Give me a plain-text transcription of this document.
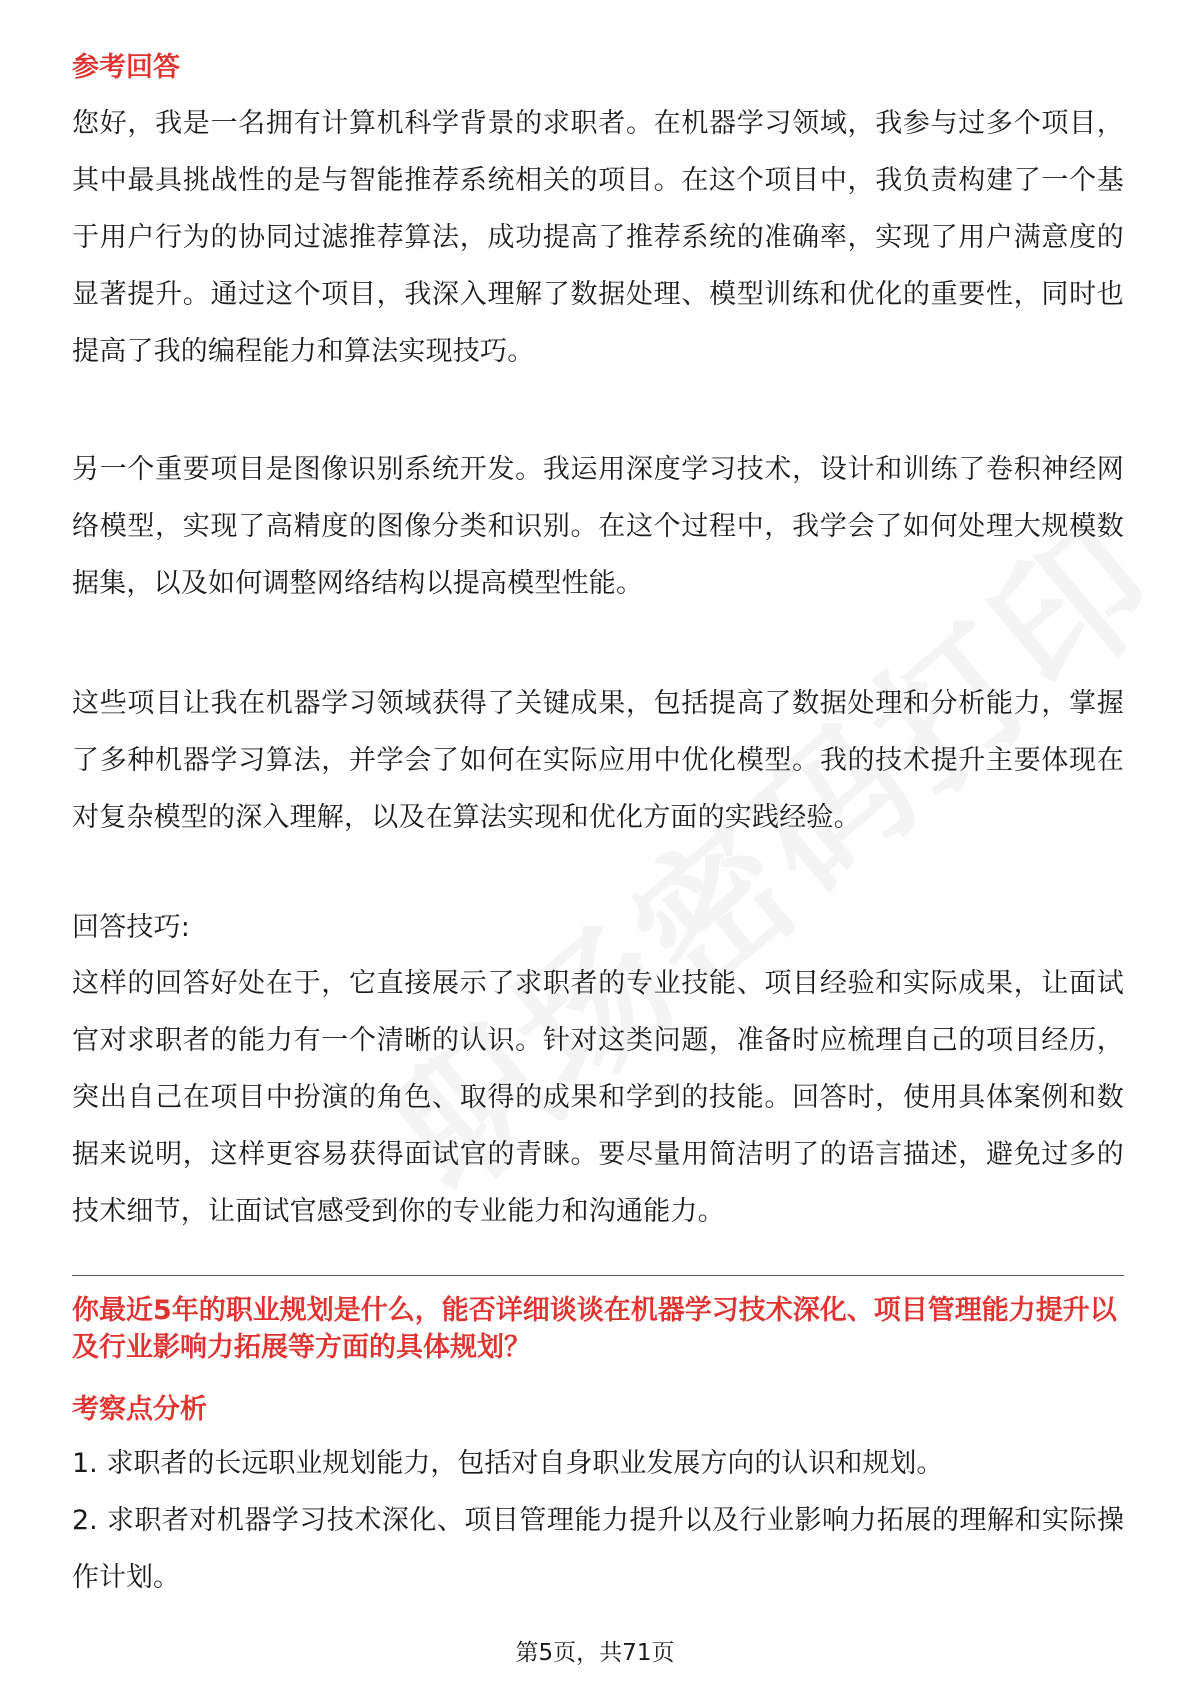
参考回答

您好，我是一名拥有计算机科学背景的求职者。在机器学习领域，我参与过多个项目，其中最具挑战性的是与智能推荐系统相关的项目。在这个项目中，我负责构建了一个基于用户行为的协同过滤推荐算法，成功提高了推荐系统的准确率，实现了用户满意度的显著提升。通过这个项目，我深入理解了数据处理、模型训练和优化的重要性，同时也提高了我的编程能力和算法实现技巧。

另一个重要项目是图像识别系统开发。我运用深度学习技术，设计和训练了卷积神经网络模型，实现了高精度的图像分类和识别。在这个过程中，我学会了如何处理大规模数据集，以及如何调整网络结构以提高模型性能。

这些项目让我在机器学习领域获得了关键成果，包括提高了数据处理和分析能力，掌握了多种机器学习算法，并学会了如何在实际应用中优化模型。我的技术提升主要体现在对复杂模型的深入理解，以及在算法实现和优化方面的实践经验。

回答技巧:

这样的回答好处在于，它直接展示了求职者的专业技能、项目经验和实际成果，让面试官对求职者的能力有一个清晰的认识。针对这类问题，准备时应梳理自己的项目经历，突出自己在项目中扮演的角色、取得的成果和学到的技能。回答时，使用具体案例和数据来说明，这样更容易获得面试官的青睐。要尽量用简洁明了的语言描述，避免过多的技术细节，让面试官感受到你的专业能力和沟通能力。

你最近5年的职业规划是什么，能否详细谈谈在机器学习技术深化、项目管理能力提升以及行业影响力拓展等方面的具体规划？
考察点分析
1. 求职者的长远职业规划能力，包括对自身职业发展方向的认识和规划。
2. 求职者对机器学习技术深化、项目管理能力提升以及行业影响力拓展的理解和实际操作计划。
第5页，共71页
